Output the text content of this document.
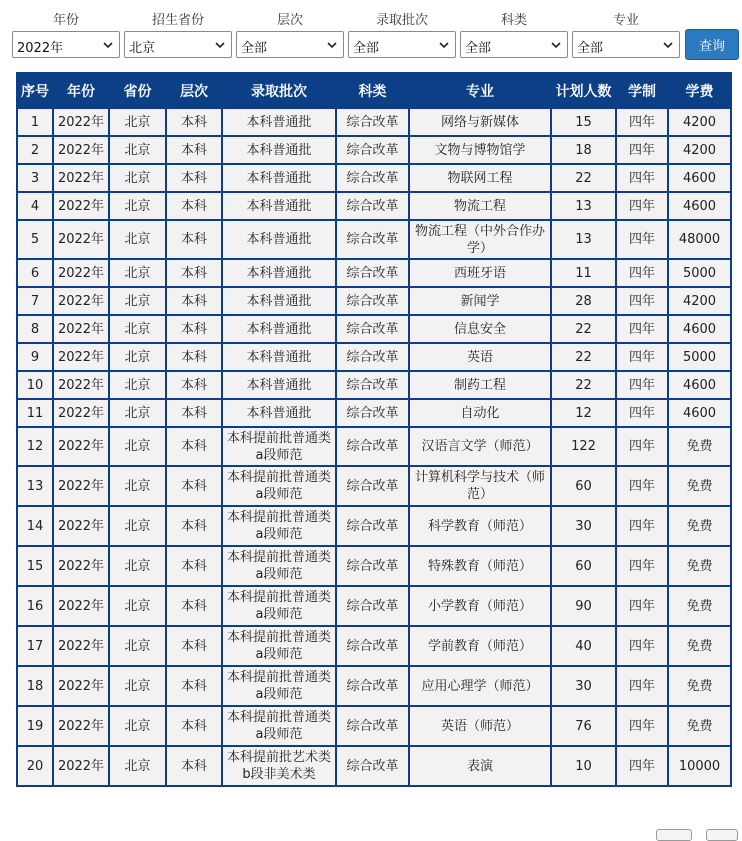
年份
2022年
招生省份
北京
层次
全部
录取批次
全部
科类
全部
专业
全部	查询
序号	年份	省份	层次	录取批次	科类	专业	计划人数	学制	学费
1	2022年	北京	本科	本科普通批	综合改革	网络与新媒体	15	四年	4200
2	2022年	北京	本科	本科普通批	综合改革	文物与博物馆学	18	四年	4200
3	2022年	北京	本科	本科普通批	综合改革	物联网工程	22	四年	4600
4	2022年	北京	本科	本科普通批	综合改革	物流工程	13	四年	4600
5	2022年	北京	本科	本科普通批	综合改革	物流工程（中外合作办学）	13	四年	48000
6	2022年	北京	本科	本科普通批	综合改革	西班牙语	11	四年	5000
7	2022年	北京	本科	本科普通批	综合改革	新闻学	28	四年	4200
8	2022年	北京	本科	本科普通批	综合改革	信息安全	22	四年	4600
9	2022年	北京	本科	本科普通批	综合改革	英语	22	四年	5000
10	2022年	北京	本科	本科普通批	综合改革	制药工程	22	四年	4600
11	2022年	北京	本科	本科普通批	综合改革	自动化	12	四年	4600
12	2022年	北京	本科	本科提前批普通类a段师范	综合改革	汉语言文学（师范）	122	四年	免费
13	2022年	北京	本科	本科提前批普通类a段师范	综合改革	计算机科学与技术（师范）	60	四年	免费
14	2022年	北京	本科	本科提前批普通类a段师范	综合改革	科学教育（师范）	30	四年	免费
15	2022年	北京	本科	本科提前批普通类a段师范	综合改革	特殊教育（师范）	60	四年	免费
16	2022年	北京	本科	本科提前批普通类a段师范	综合改革	小学教育（师范）	90	四年	免费
17	2022年	北京	本科	本科提前批普通类a段师范	综合改革	学前教育（师范）	40	四年	免费
18	2022年	北京	本科	本科提前批普通类a段师范	综合改革	应用心理学（师范）	30	四年	免费
19	2022年	北京	本科	本科提前批普通类a段师范	综合改革	英语（师范）	76	四年	免费
20	2022年	北京	本科	本科提前批艺术类b段非美术类	综合改革	表演	10	四年	10000
